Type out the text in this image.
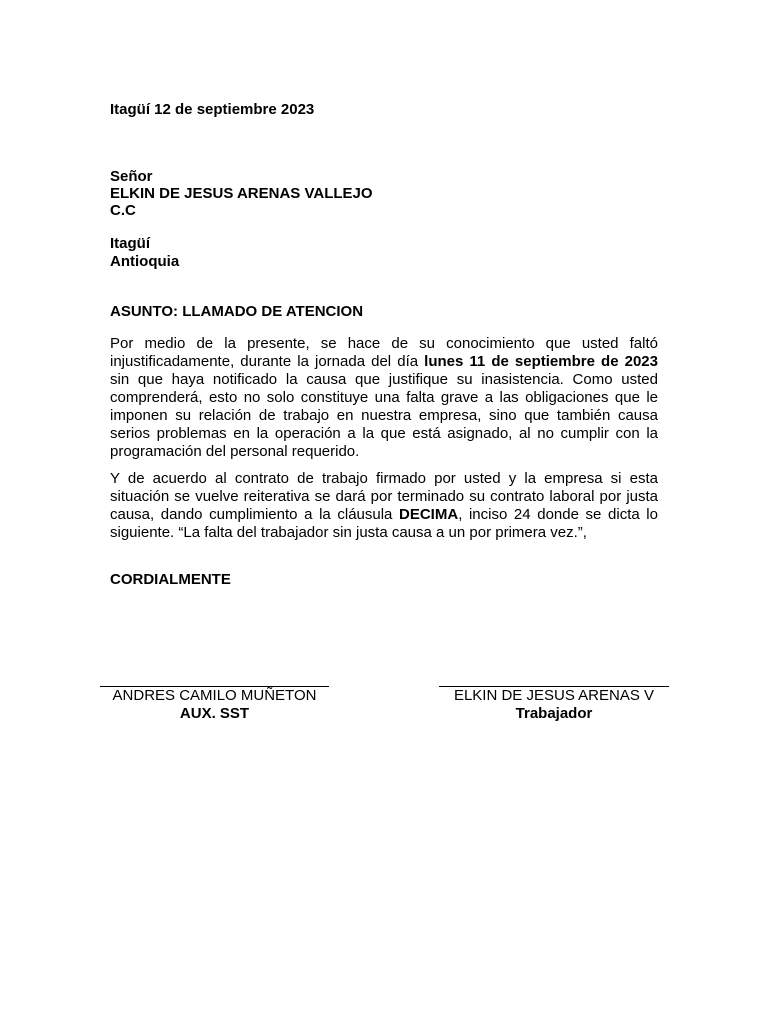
Itagüí 12 de septiembre 2023
Señor
ELKIN DE JESUS ARENAS VALLEJO
C.C
Itagüí
Antioquia
ASUNTO: LLAMADO DE ATENCION
Por medio de la presente, se hace de su conocimiento que usted faltó injustificadamente, durante la jornada del día lunes 11 de septiembre de 2023 sin que haya notificado la causa que justifique su inasistencia. Como usted comprenderá, esto no solo constituye una falta grave a las obligaciones que le imponen su relación de trabajo en nuestra empresa, sino que también causa serios problemas en la operación a la que está asignado, al no cumplir con la programación del personal requerido.
Y de acuerdo al contrato de trabajo firmado por usted y la empresa si esta situación se vuelve reiterativa se dará por terminado su contrato laboral por justa causa, dando cumplimiento a la cláusula DECIMA, inciso 24 donde se dicta lo siguiente. “La falta del trabajador sin justa causa a un por primera vez.”,
CORDIALMENTE
ANDRES CAMILO MUÑETON
AUX. SST
ELKIN DE JESUS ARENAS V
Trabajador
